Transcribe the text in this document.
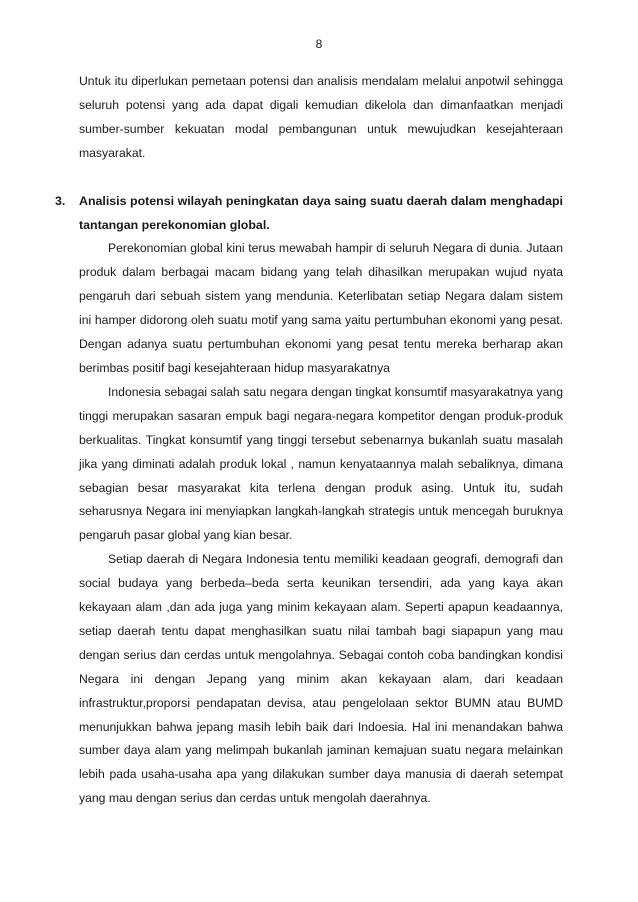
8

Untuk itu diperlukan pemetaan potensi dan analisis mendalam melalui anpotwil sehingga seluruh potensi yang ada dapat digali kemudian dikelola dan dimanfaatkan menjadi sumber-sumber kekuatan modal pembangunan untuk mewujudkan kesejahteraan masyarakat.

3. Analisis potensi wilayah peningkatan daya saing suatu daerah dalam menghadapi tantangan perekonomian global.

Perekonomian global kini terus mewabah hampir di seluruh Negara di dunia. Jutaan produk dalam berbagai macam bidang yang telah dihasilkan merupakan wujud nyata pengaruh dari sebuah sistem yang mendunia. Keterlibatan setiap Negara dalam sistem ini hamper didorong oleh suatu motif yang sama yaitu pertumbuhan ekonomi yang pesat. Dengan adanya suatu pertumbuhan ekonomi yang pesat tentu mereka berharap akan berimbas positif bagi kesejahteraan hidup masyarakatnya

Indonesia sebagai salah satu negara dengan tingkat konsumtif masyarakatnya yang tinggi merupakan sasaran empuk bagi negara-negara kompetitor dengan produk-produk berkualitas. Tingkat konsumtif yang tinggi tersebut sebenarnya bukanlah suatu masalah jika yang diminati adalah produk lokal , namun kenyataannya malah sebaliknya, dimana sebagian besar masyarakat kita terlena dengan produk asing. Untuk itu, sudah seharusnya Negara ini menyiapkan langkah-langkah strategis untuk mencegah buruknya pengaruh pasar global yang kian besar.

Setiap daerah di Negara Indonesia tentu memiliki keadaan geografi, demografi dan social budaya yang berbeda–beda serta keunikan tersendiri, ada yang kaya akan kekayaan alam ,dan ada juga yang minim kekayaan alam. Seperti apapun keadaannya, setiap daerah tentu dapat menghasilkan suatu nilai tambah bagi siapapun yang mau dengan serius dan cerdas untuk mengolahnya. Sebagai contoh coba bandingkan kondisi Negara ini dengan Jepang yang minim akan kekayaan alam, dari keadaan infrastruktur,proporsi pendapatan devisa, atau pengelolaan sektor BUMN atau BUMD menunjukkan bahwa jepang masih lebih baik dari Indoesia. Hal ini menandakan bahwa sumber daya alam yang melimpah bukanlah jaminan kemajuan suatu negara melainkan lebih pada usaha-usaha apa yang dilakukan sumber daya manusia di daerah setempat yang mau dengan serius dan cerdas untuk mengolah daerahnya.
